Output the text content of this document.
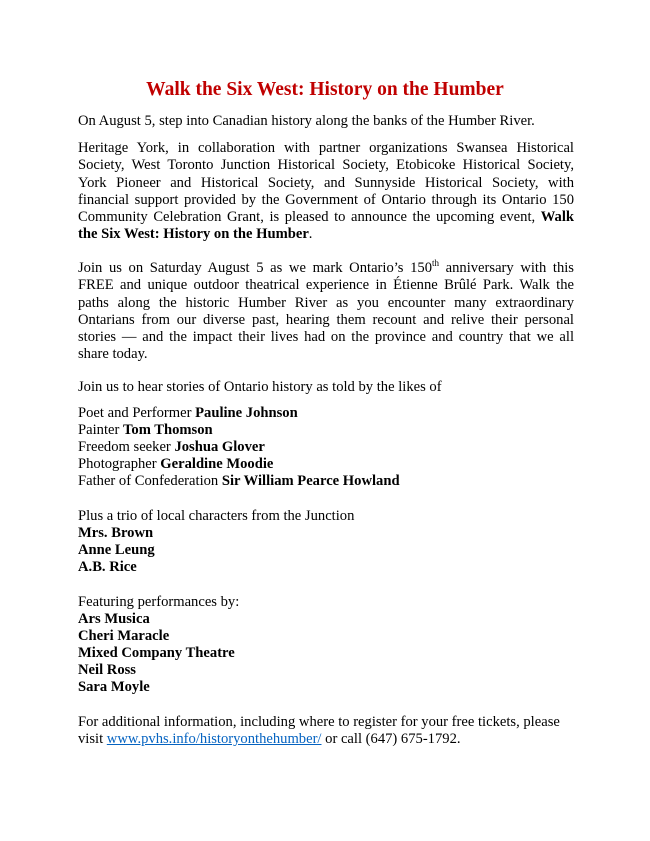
Walk the Six West: History on the Humber

On August 5, step into Canadian history along the banks of the Humber River.

Heritage York, in collaboration with partner organizations Swansea Historical Society, West Toronto Junction Historical Society, Etobicoke Historical Society, York Pioneer and Historical Society, and Sunnyside Historical Society, with financial support provided by the Government of Ontario through its Ontario 150 Community Celebration Grant, is pleased to announce the upcoming event, Walk the Six West: History on the Humber.

Join us on Saturday August 5 as we mark Ontario’s 150th anniversary with this FREE and unique outdoor theatrical experience in Étienne Brûlé Park. Walk the paths along the historic Humber River as you encounter many extraordinary Ontarians from our diverse past, hearing them recount and relive their personal stories — and the impact their lives had on the province and country that we all share today.

Join us to hear stories of Ontario history as told by the likes of

Poet and Performer Pauline Johnson

Painter Tom Thomson

Freedom seeker Joshua Glover

Photographer Geraldine Moodie

Father of Confederation Sir William Pearce Howland

Plus a trio of local characters from the Junction

Mrs. Brown

Anne Leung

A.B. Rice

Featuring performances by:

Ars Musica

Cheri Maracle

Mixed Company Theatre

Neil Ross

Sara Moyle

For additional information, including where to register for your free tickets, please
visit www.pvhs.info/historyonthehumber/ or call (647) 675-1792.
